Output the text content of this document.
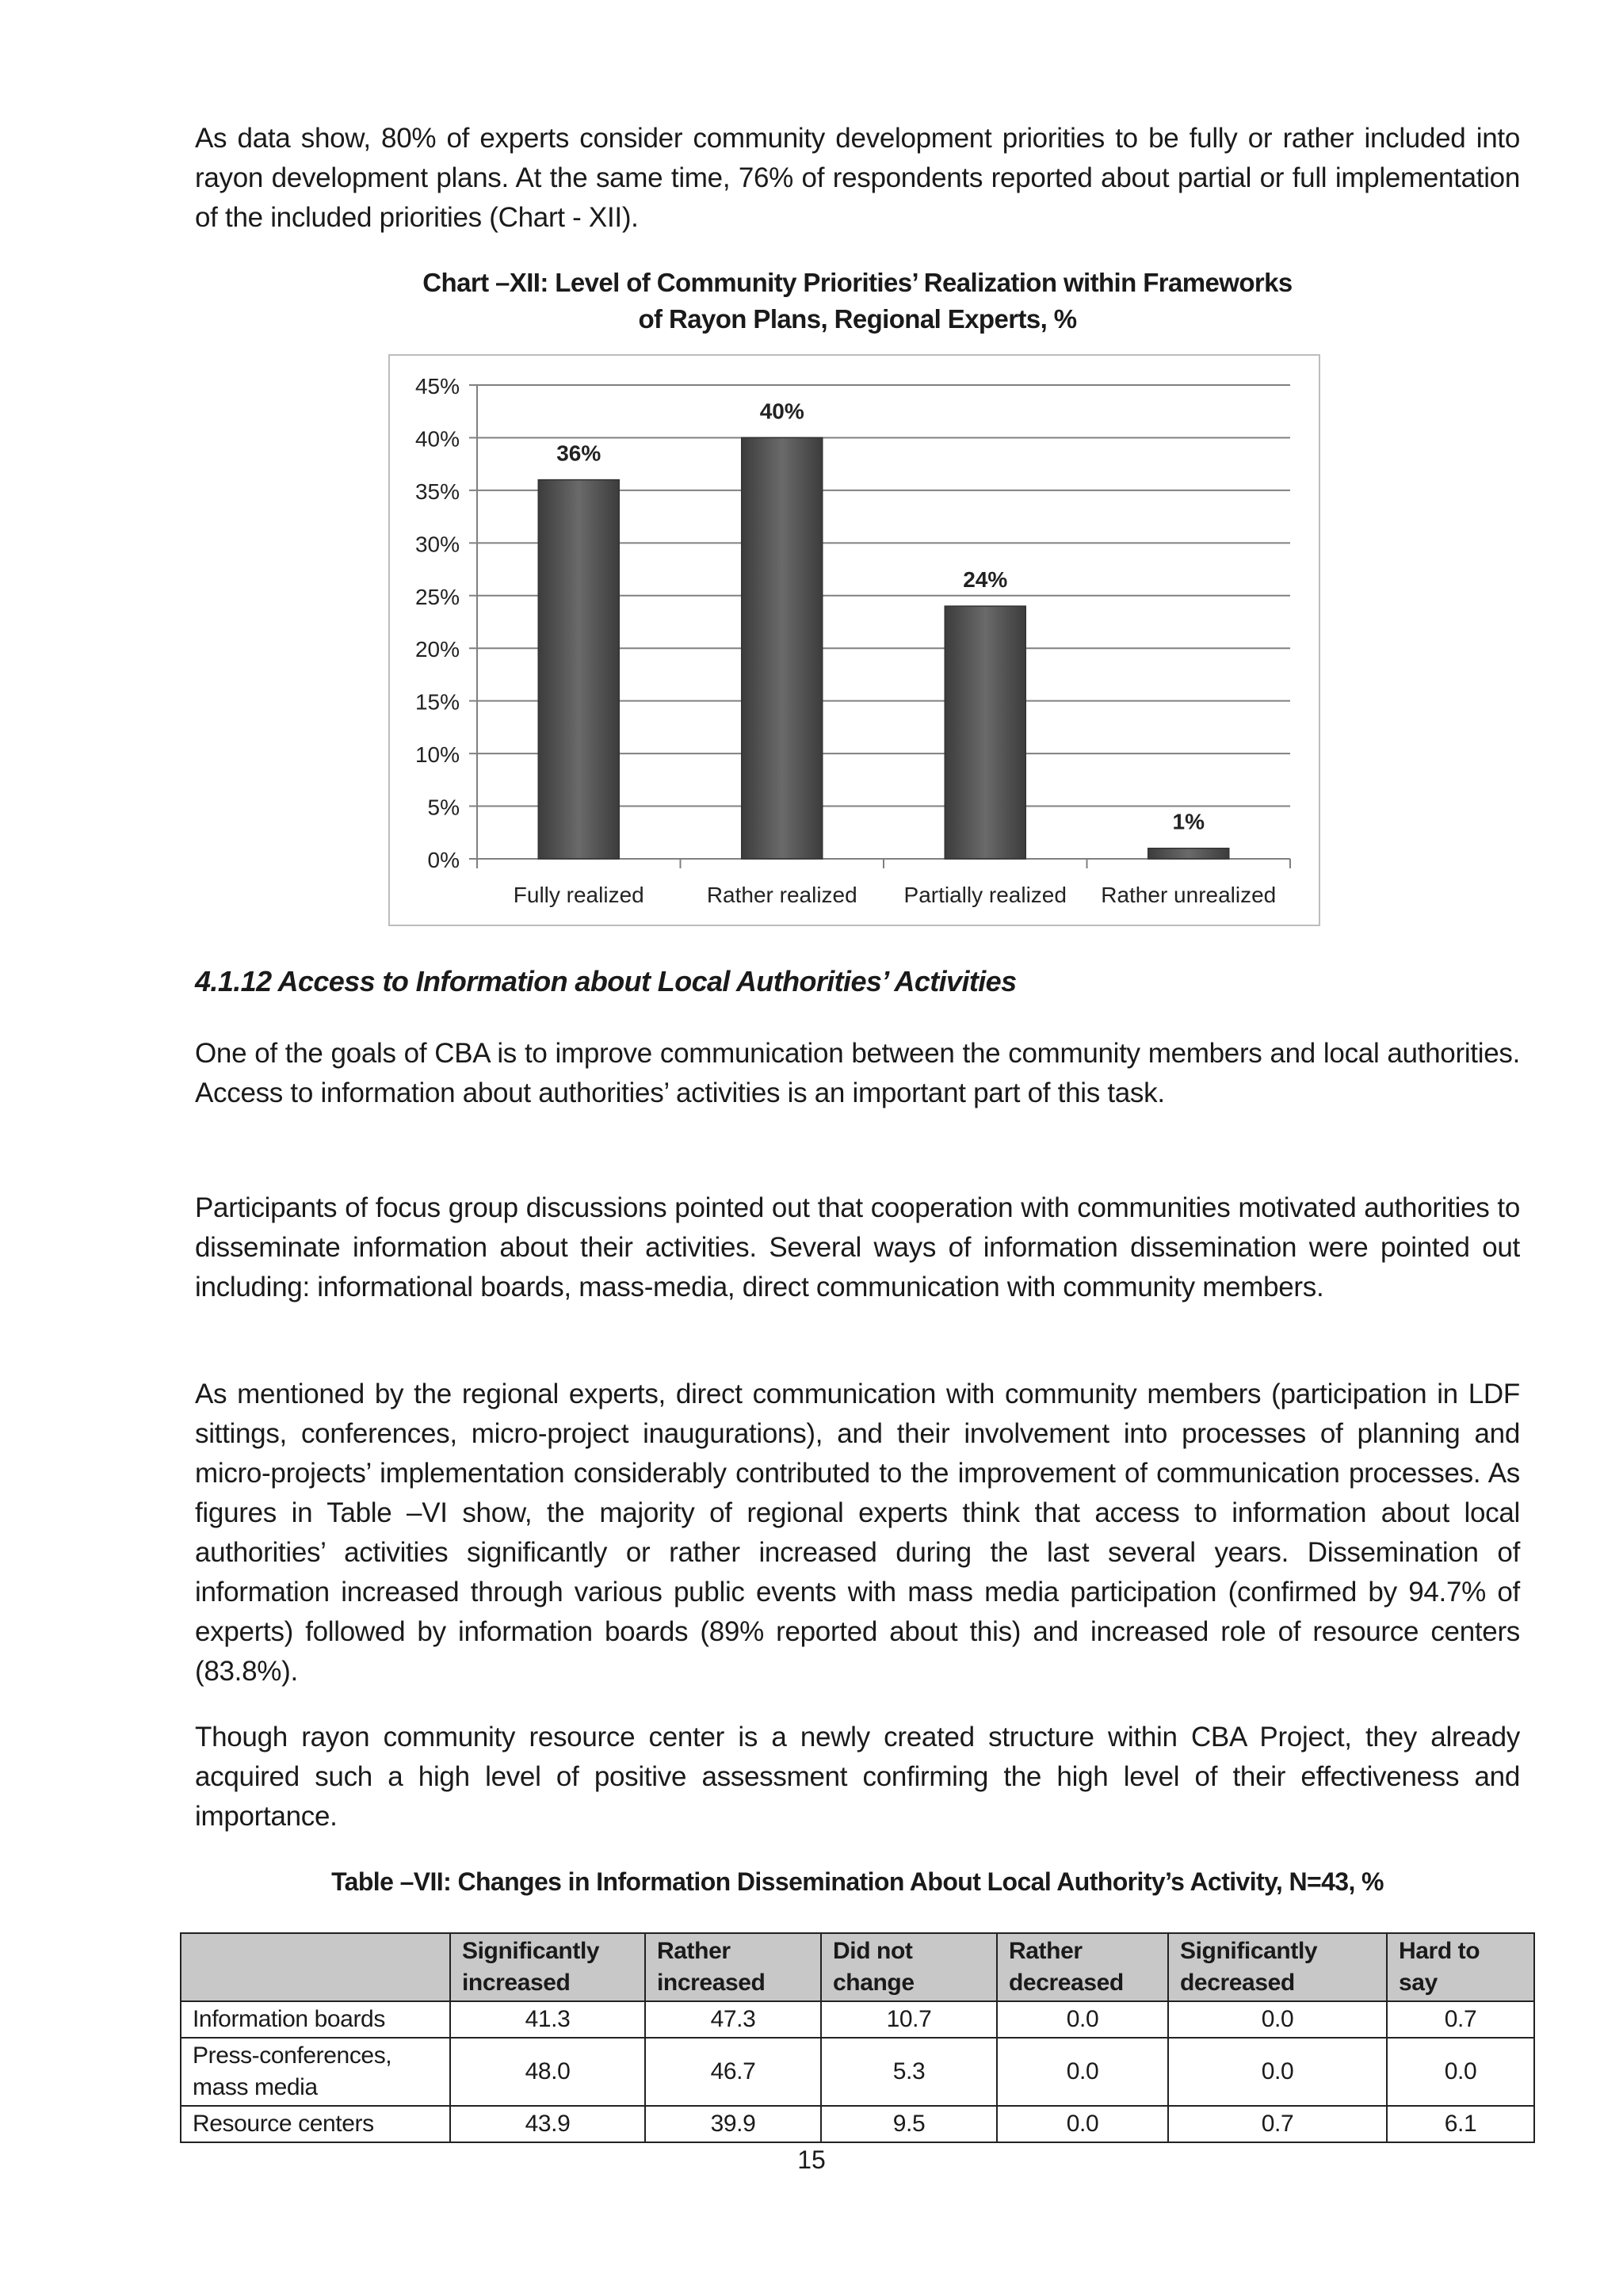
As data show, 80% of experts consider community development priorities to be fully or rather included into rayon development plans. At the same time, 76% of respondents reported about partial or full implementation of the included priorities (Chart - XII).

Chart –XII: Level of Community Priorities’ Realization within Frameworks
of Rayon Plans, Regional Experts, %
0%
5%
10%
15%
20%
25%
30%
35%
40%
45%
36%
Fully realized
40%
Rather realized
24%
Partially realized
1%
Rather unrealized
4.1.12 Access to Information about Local Authorities’ Activities

One of the goals of CBA is to improve communication between the community members and local authorities. Access to information about authorities’ activities is an important part of this task.

Participants of focus group discussions pointed out that cooperation with communities motivated authorities to disseminate information about their activities. Several ways of information dissemination were pointed out including: informational boards, mass-media, direct communication with community members.

As mentioned by the regional experts, direct communication with community members (participation in LDF sittings, conferences, micro-project inaugurations), and their involvement into processes of planning and micro-projects’ implementation considerably contributed to the improvement of communication processes. As figures in Table –VI show, the majority of regional experts think that access to information about local authorities’ activities significantly or rather increased during the last several years. Dissemination of information increased through various public events with mass media participation (confirmed by 94.7% of experts) followed by information boards (89% reported about this) and increased role of resource centers (83.8%).

Though rayon community resource center is a newly created structure within CBA Project, they already acquired such a high level of positive assessment confirming the high level of their effectiveness and importance.

Table –VII: Changes in Information Dissemination About Local Authority’s Activity, N=43, %
	Significantly increased	Rather increased	Did not change	Rather decreased	Significantly decreased	Hard to say
Information boards	41.3	47.3	10.7	0.0	0.0	0.7
Press-conferences, mass media	48.0	46.7	5.3	0.0	0.0	0.0
Resource centers	43.9	39.9	9.5	0.0	0.7	6.1
15
